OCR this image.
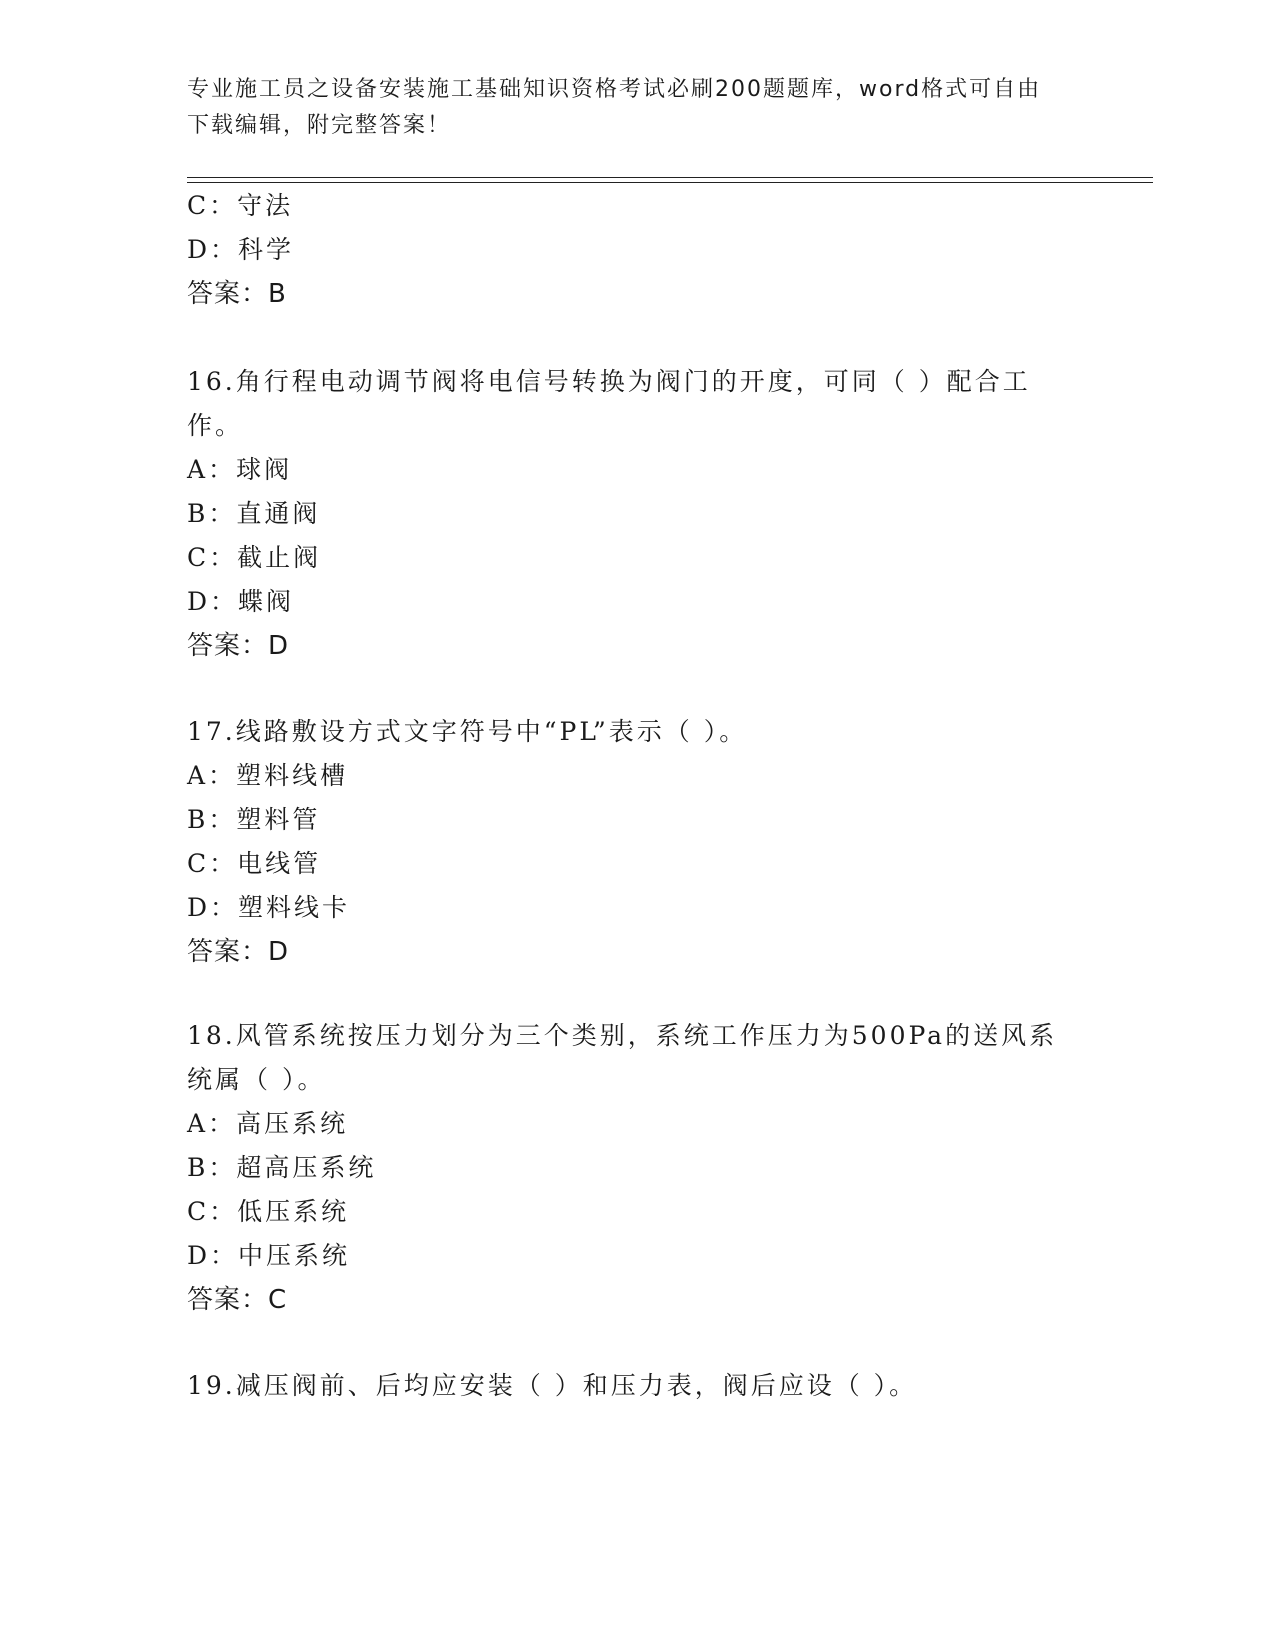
专业施工员之设备安装施工基础知识资格考试必刷200题题库，word格式可自由
下载编辑，附完整答案！
C：守法
D：科学
答案：B
16.角行程电动调节阀将电信号转换为阀门的开度，可同（ ）配合工
作。
A：球阀
B：直通阀
C：截止阀
D：蝶阀
答案：D
17.线路敷设方式文字符号中“PL”表示（ ）。
A：塑料线槽
B：塑料管
C：电线管
D：塑料线卡
答案：D
18.风管系统按压力划分为三个类别，系统工作压力为500Pa的送风系
统属（ ）。
A：高压系统
B：超高压系统
C：低压系统
D：中压系统
答案：C
19.减压阀前、后均应安装（ ）和压力表，阀后应设（ ）。
